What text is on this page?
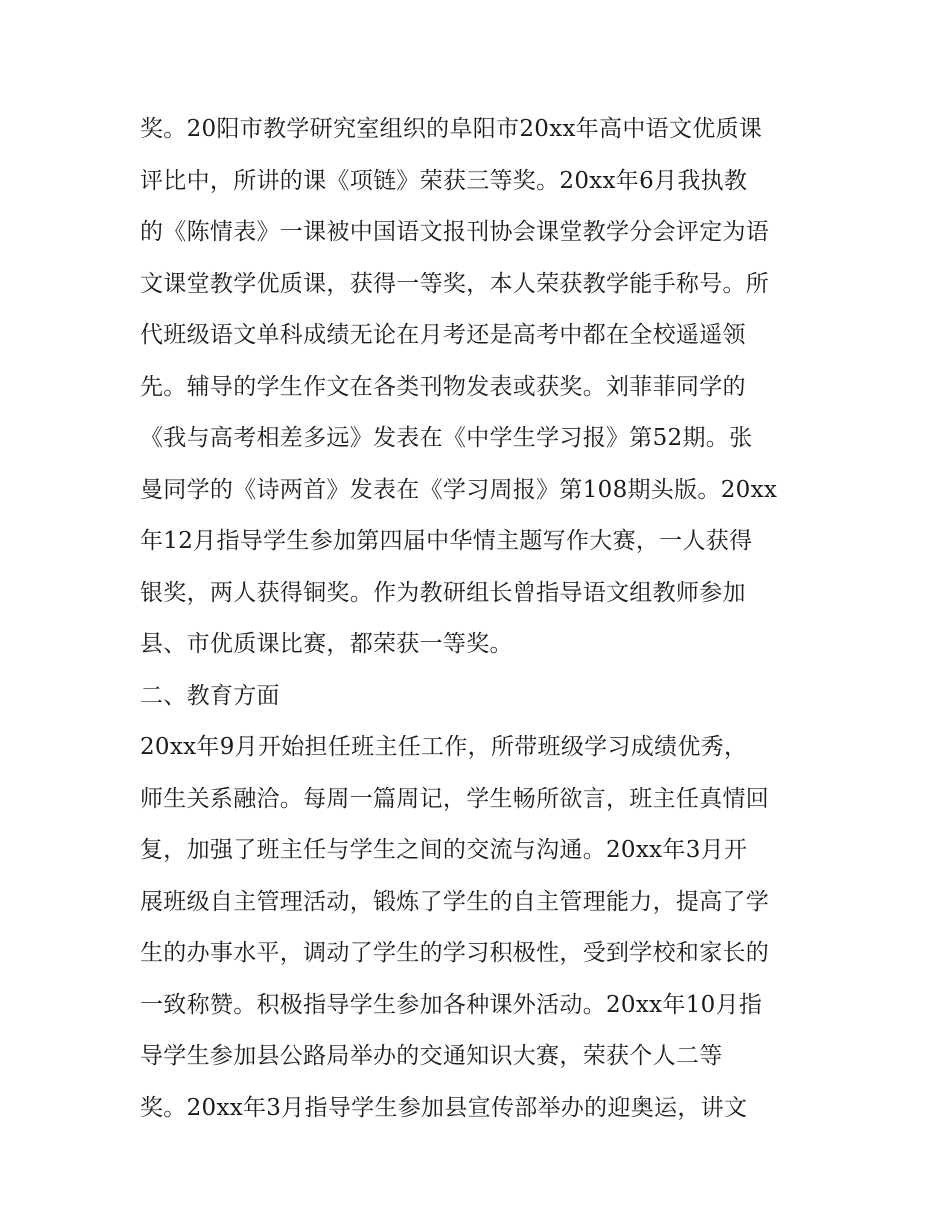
奖。20阳市教学研究室组织的阜阳市20xx年高中语文优质课
评比中，所讲的课《项链》荣获三等奖。20xx年6月我执教
的《陈情表》一课被中国语文报刊协会课堂教学分会评定为语
文课堂教学优质课，获得一等奖，本人荣获教学能手称号。所
代班级语文单科成绩无论在月考还是高考中都在全校遥遥领
先。辅导的学生作文在各类刊物发表或获奖。刘菲菲同学的
《我与高考相差多远》发表在《中学生学习报》第52期。张
曼同学的《诗两首》发表在《学习周报》第108期头版。20xx
年12月指导学生参加第四届中华情主题写作大赛，一人获得
银奖，两人获得铜奖。作为教研组长曾指导语文组教师参加
县、市优质课比赛，都荣获一等奖。
二、教育方面
20xx年9月开始担任班主任工作，所带班级学习成绩优秀，
师生关系融洽。每周一篇周记，学生畅所欲言，班主任真情回
复，加强了班主任与学生之间的交流与沟通。20xx年3月开
展班级自主管理活动，锻炼了学生的自主管理能力，提高了学
生的办事水平，调动了学生的学习积极性，受到学校和家长的
一致称赞。积极指导学生参加各种课外活动。20xx年10月指
导学生参加县公路局举办的交通知识大赛，荣获个人二等
奖。20xx年3月指导学生参加县宣传部举办的迎奥运，讲文
